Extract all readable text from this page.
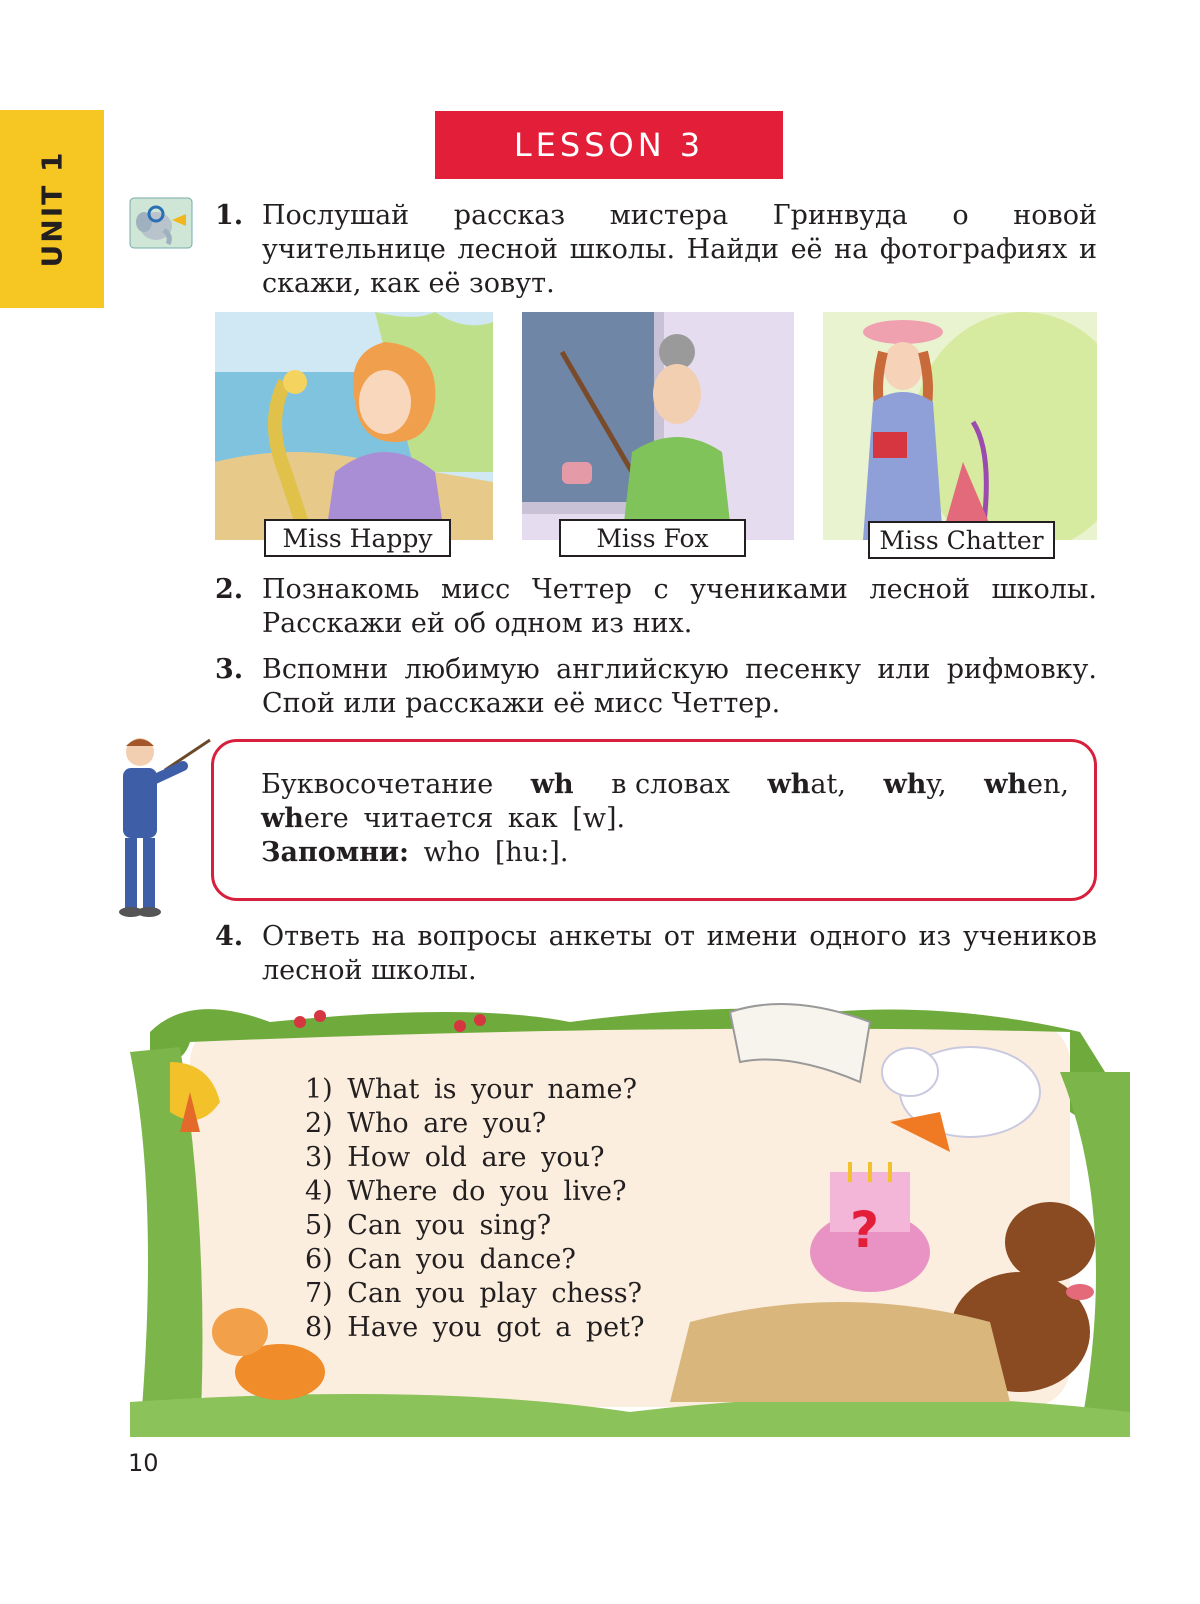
UNIT 1
LESSON 3
1. Послушай рассказ мистера Гринвуда о новой учительнице лесной школы. Найди её на фотографиях и скажи, как её зовут.
Miss Happy	Miss Fox	Miss Chatter
2. Познакомь мисс Четтер с учениками лесной школы. Расскажи ей об одном из них.
3. Вспомни любимую английскую песенку или рифмовку. Спой или расскажи её мисс Четтер.
Буквосочетание wh в словах what, why, when,
where читается как [w].
Запомни: who [hu:].
4. Ответь на вопросы анкеты от имени одного из учеников лесной школы.
?
1) What is your name?
2) Who are you?
3) How old are you?
4) Where do you live?
5) Can you sing?
6) Can you dance?
7) Can you play chess?
8) Have you got a pet?
10
